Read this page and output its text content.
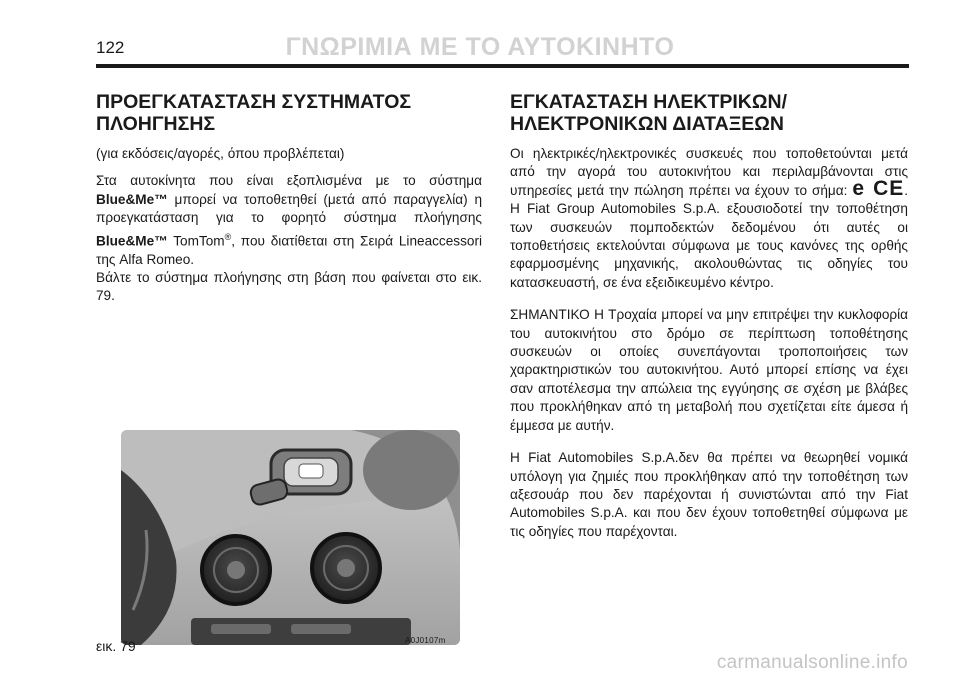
122	ΓΝΩΡΙΜΙΑ ΜΕ ΤΟ ΑΥΤΟΚΙΝΗΤΟ
ΠΡΟΕΓΚΑΤΑΣΤΑΣΗ ΣΥΣΤΗΜΑΤΟΣ
ΠΛΟΗΓΗΣΗΣ
(για εκδόσεις/αγορές, όπου προβλέπεται)

Στα αυτοκίνητα που είναι εξοπλισμένα με το σύστημα Blue&Me™ μπορεί να τοποθετηθεί (μετά από παραγγελία) η προεγκατάσταση για το φορητό σύστημα πλοήγησης Blue&Me™ TomTom®, που διατίθεται στη Σειρά Lineaccessori της Alfa Romeo.

Βάλτε το σύστημα πλοήγησης στη βάση που φαίνεται στο εικ. 79.

εικ. 79	A0J0107m
ΕΓΚΑΤΑΣΤΑΣΗ ΗΛΕΚΤΡΙΚΩΝ/
ΗΛΕΚΤΡΟΝΙΚΩΝ ΔΙΑΤΑΞΕΩΝ

Οι ηλεκτρικές/ηλεκτρονικές συσκευές που τοποθετούνται μετά από την αγορά του αυτοκινήτου και περιλαμβάνονται στις υπηρεσίες μετά την πώληση πρέπει να έχουν το σήμα: e CE. Η Fiat Group Automobiles S.p.A. εξουσιοδοτεί την τοποθέτηση των συσκευών πομποδεκτών δεδομένου ότι αυτές οι τοποθετήσεις εκτελούνται σύμφωνα με τους κανόνες της ορθής εφαρμοσμένης μηχανικής, ακολουθώντας τις οδηγίες του κατασκευαστή, σε ένα εξειδικευμένο κέντρο.

ΣΗΜΑΝΤΙΚΟ Η Τροχαία μπορεί να μην επιτρέψει την κυκλοφορία του αυτοκινήτου στο δρόμο σε περίπτωση τοποθέτησης συσκευών οι οποίες συνεπάγονται τροποποιήσεις των χαρακτηριστικών του αυτοκινήτου. Αυτό μπορεί επίσης να έχει σαν αποτέλεσμα την απώλεια της εγγύησης σε σχέση με βλάβες που προκλήθηκαν από τη μεταβολή που σχετίζεται είτε άμεσα ή έμμεσα με αυτήν.

Η Fiat Automobiles S.p.A.δεν θα πρέπει να θεωρηθεί νομικά υπόλογη για ζημιές που προκλήθηκαν από την τοποθέτηση των αξεσουάρ που δεν παρέχονται ή συνιστώνται από την Fiat Automobiles S.p.A. και που δεν έχουν τοποθετηθεί σύμφωνα με τις οδηγίες που παρέχονται.

carmanualsonline.info
